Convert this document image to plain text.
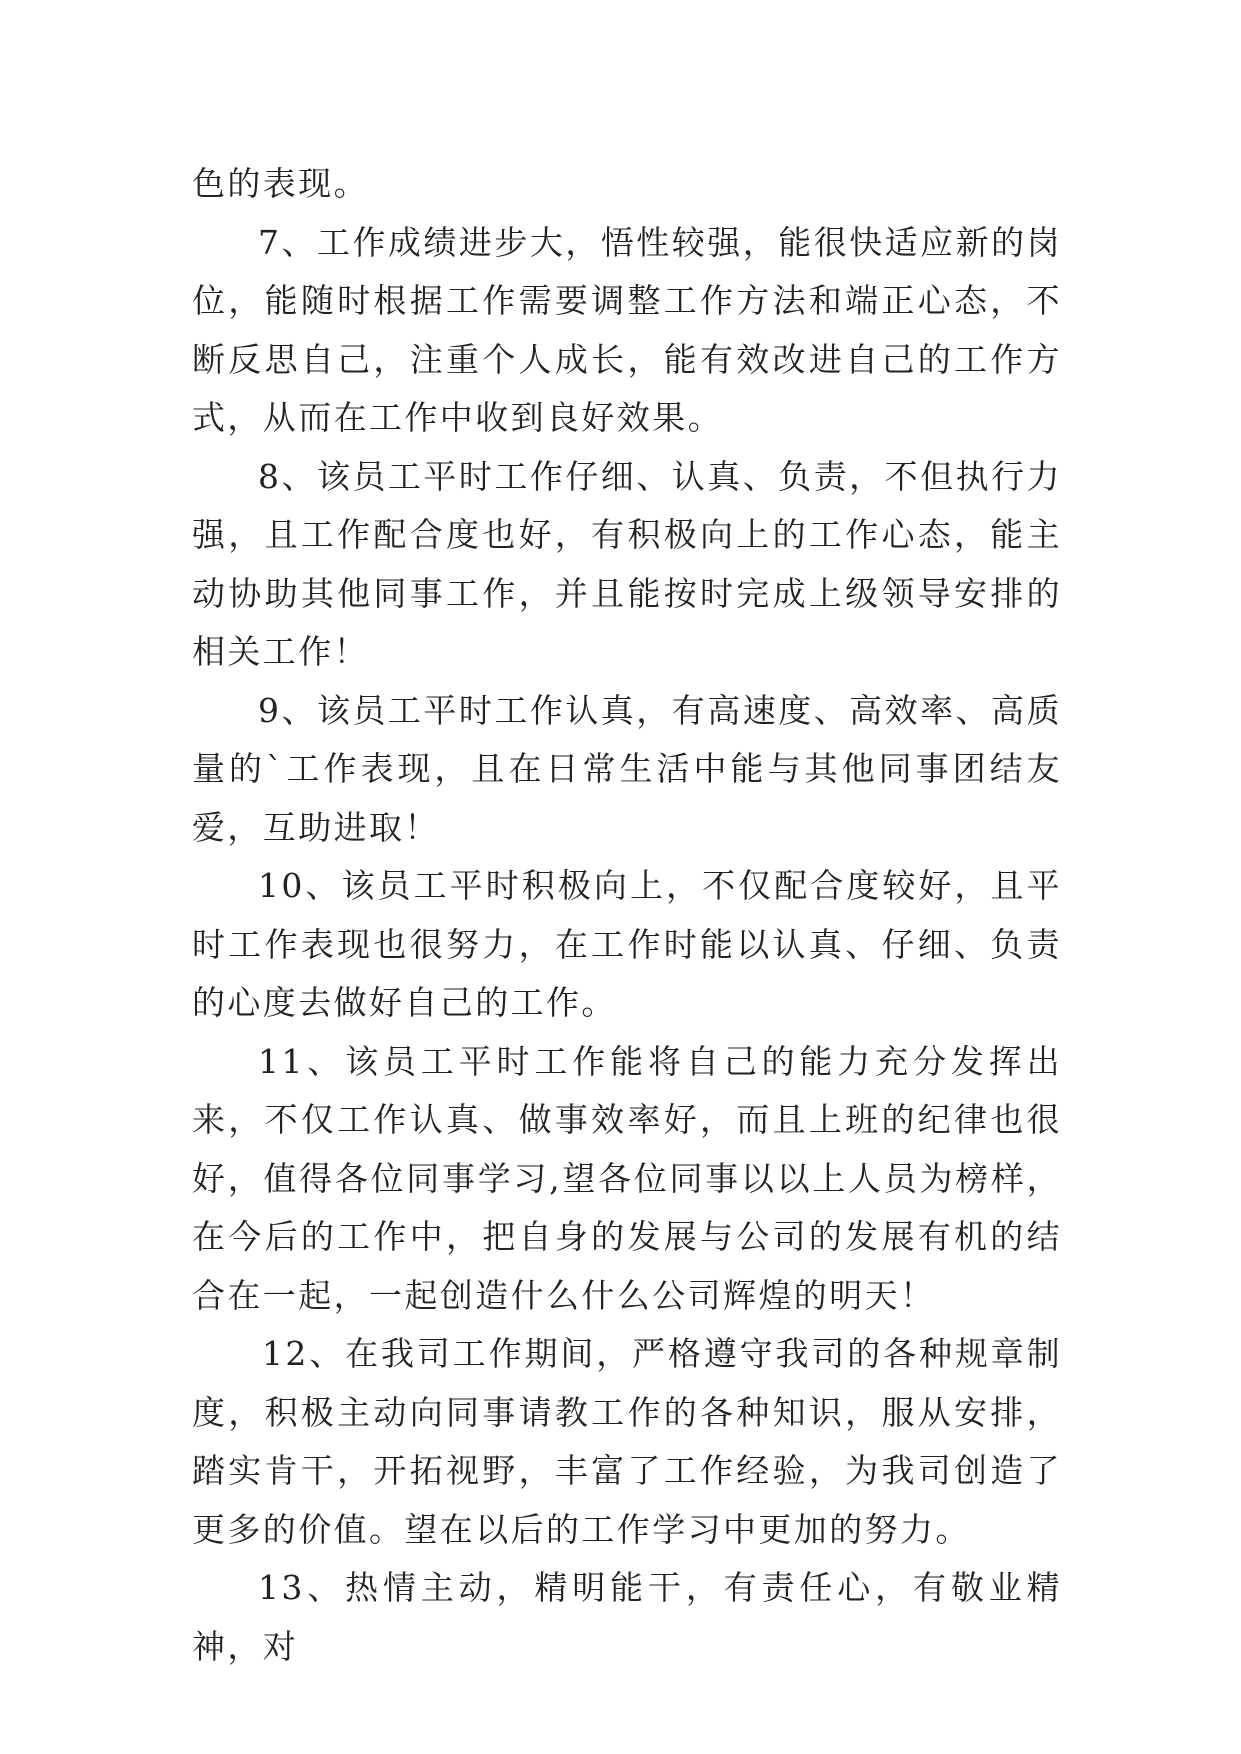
色的表现。

7、工作成绩进步大，悟性较强，能很快适应新的岗位，能随时根据工作需要调整工作方法和端正心态，不断反思自己，注重个人成长，能有效改进自己的工作方式，从而在工作中收到良好效果。

8、该员工平时工作仔细、认真、负责，不但执行力强，且工作配合度也好，有积极向上的工作心态，能主动协助其他同事工作，并且能按时完成上级领导安排的相关工作！

9、该员工平时工作认真，有高速度、高效率、高质量的`工作表现，且在日常生活中能与其他同事团结友爱，互助进取！

10、该员工平时积极向上，不仅配合度较好，且平时工作表现也很努力，在工作时能以认真、仔细、负责的心度去做好自己的工作。

11、该员工平时工作能将自己的能力充分发挥出来，不仅工作认真、做事效率好，而且上班的纪律也很好，值得各位同事学习,望各位同事以以上人员为榜样，在今后的工作中，把自身的发展与公司的发展有机的结合在一起，一起创造什么什么公司辉煌的明天！

12、在我司工作期间，严格遵守我司的各种规章制度，积极主动向同事请教工作的各种知识，服从安排，踏实肯干，开拓视野，丰富了工作经验，为我司创造了更多的价值。望在以后的工作学习中更加的努力。

13、热情主动，精明能干，有责任心，有敬业精神，对
